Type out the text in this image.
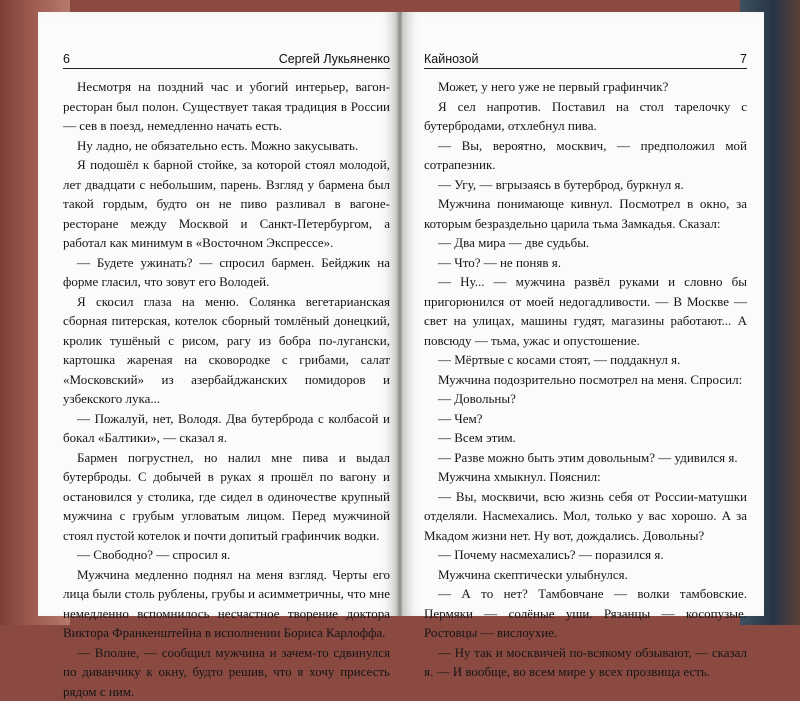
6	Сергей Лукьяненко

Несмотря на поздний час и убогий интерьер, вагон-ресторан был полон. Существует такая традиция в России — сев в поезд, немедленно начать есть.

Ну ладно, не обязательно есть. Можно закусывать.

Я подошёл к барной стойке, за которой стоял молодой, лет двадцати с небольшим, парень. Взгляд у бармена был такой гордым, будто он не пиво разливал в вагоне-ресторане между Москвой и Санкт-Петербургом, а работал как минимум в «Восточном Экспрессе».

— Будете ужинать? — спросил бармен. Бейджик на форме гласил, что зовут его Володей.

Я скосил глаза на меню. Солянка вегетарианская сборная питерская, котелок сборный томлёный донецкий, кролик тушёный с рисом, рагу из бобра по-лугански, картошка жареная на сковородке с грибами, салат «Московский» из азербайджанских помидоров и узбекского лука...

— Пожалуй, нет, Володя. Два бутерброда с колбасой и бокал «Балтики», — сказал я.

Бармен погрустнел, но налил мне пива и выдал бутерброды. С добычей в руках я прошёл по вагону и остановился у столика, где сидел в одиночестве крупный мужчина с грубым угловатым лицом. Перед мужчиной стоял пустой котелок и почти допитый графинчик водки.

— Свободно? — спросил я.

Мужчина медленно поднял на меня взгляд. Черты его лица были столь рублены, грубы и асимметричны, что мне немедленно вспомнилось несчастное творение доктора Виктора Франкенштейна в исполнении Бориса Карлоффа.

— Вполне, — сообщил мужчина и зачем-то сдвинулся по диванчику к окну, будто решив, что я хочу присесть рядом с ним.

Кайнозой	7

Может, у него уже не первый графинчик?

Я сел напротив. Поставил на стол тарелочку с бутербродами, отхлебнул пива.

— Вы, вероятно, москвич, — предположил мой сотрапезник.

— Угу, — вгрызаясь в бутерброд, буркнул я.

Мужчина понимающе кивнул. Посмотрел в окно, за которым безраздельно царила тьма Замкадья. Сказал:

— Два мира — две судьбы.

— Что? — не поняв я.

— Ну... — мужчина развёл руками и словно бы пригорюнился от моей недогадливости. — В Москве — свет на улицах, машины гудят, магазины работают... А повсюду — тьма, ужас и опустошение.

— Мёртвые с косами стоят, — поддакнул я.

Мужчина подозрительно посмотрел на меня. Спросил:

— Довольны?

— Чем?

— Всем этим.

— Разве можно быть этим довольным? — удивился я.

Мужчина хмыкнул. Пояснил:

— Вы, москвичи, всю жизнь себя от России-матушки отделяли. Насмехались. Мол, только у вас хорошо. А за Мкадом жизни нет. Ну вот, дождались. Довольны?

— Почему насмехались? — поразился я.

Мужчина скептически улыбнулся.

— А то нет? Тамбовчане — волки тамбовские. Пермяки — солёные уши. Рязанцы — косопузые. Ростовцы — вислоухие.

— Ну так и москвичей по-всякому обзывают, — сказал я. — И вообще, во всем мире у всех прозвища есть.
